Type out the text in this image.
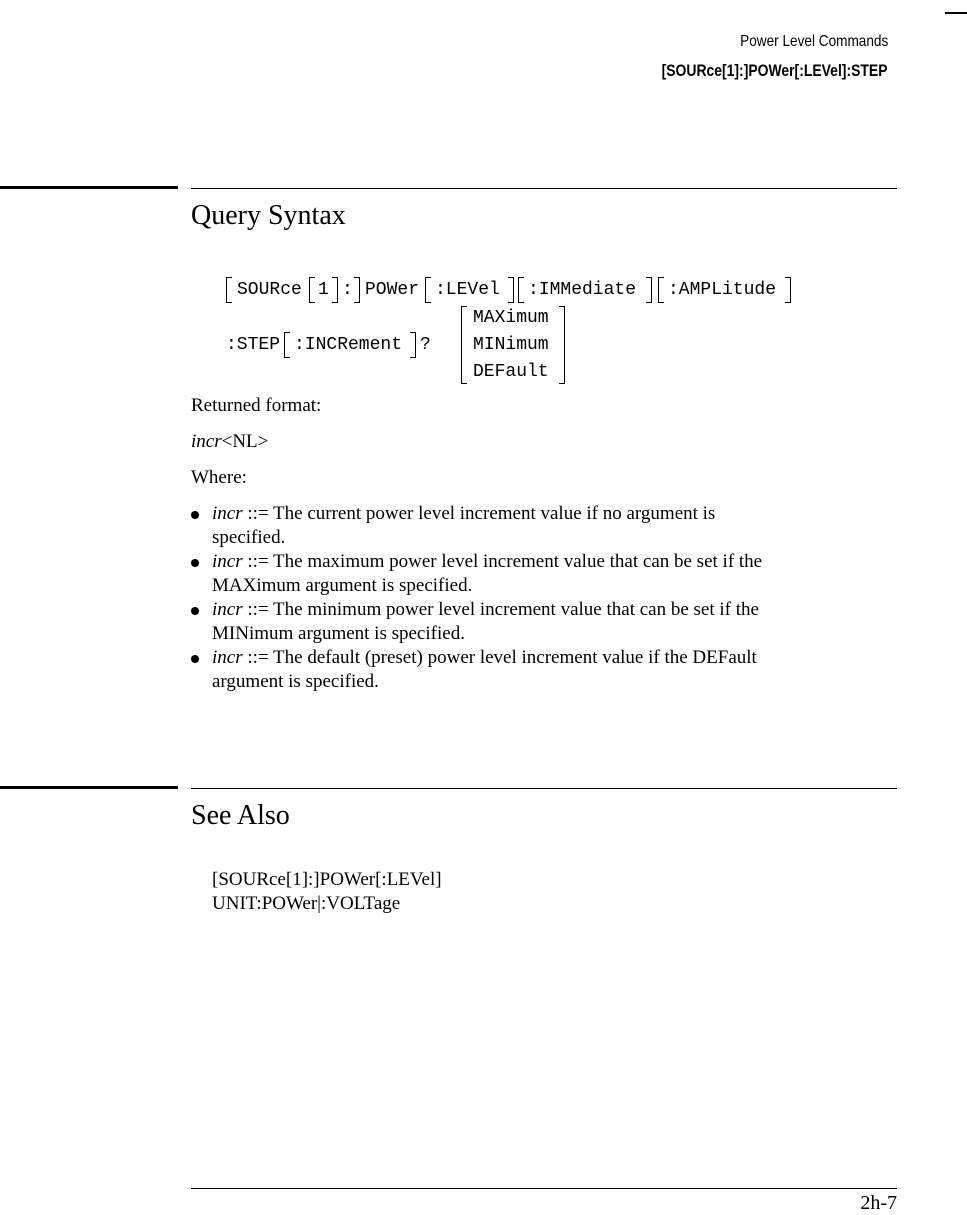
Power Level Commands
[SOURce[1]:]POWer[:LEVel]:STEP
Query Syntax
SOURce 1 : POWer :LEVel :IMMediate :AMPLitude
:STEP :INCRement ?
MAXimum
MINimum
DEFault
Returned format:
incr<NL>
Where:
incr ::= The current power level increment value if no argument is
specified.
incr ::= The maximum power level increment value that can be set if the
MAXimum argument is specified.
incr ::= The minimum power level increment value that can be set if the
MINimum argument is specified.
incr ::= The default (preset) power level increment value if the DEFault
argument is specified.
See Also
[SOURce[1]:]POWer[:LEVel]
UNIT:POWer|:VOLTage
2h-7
